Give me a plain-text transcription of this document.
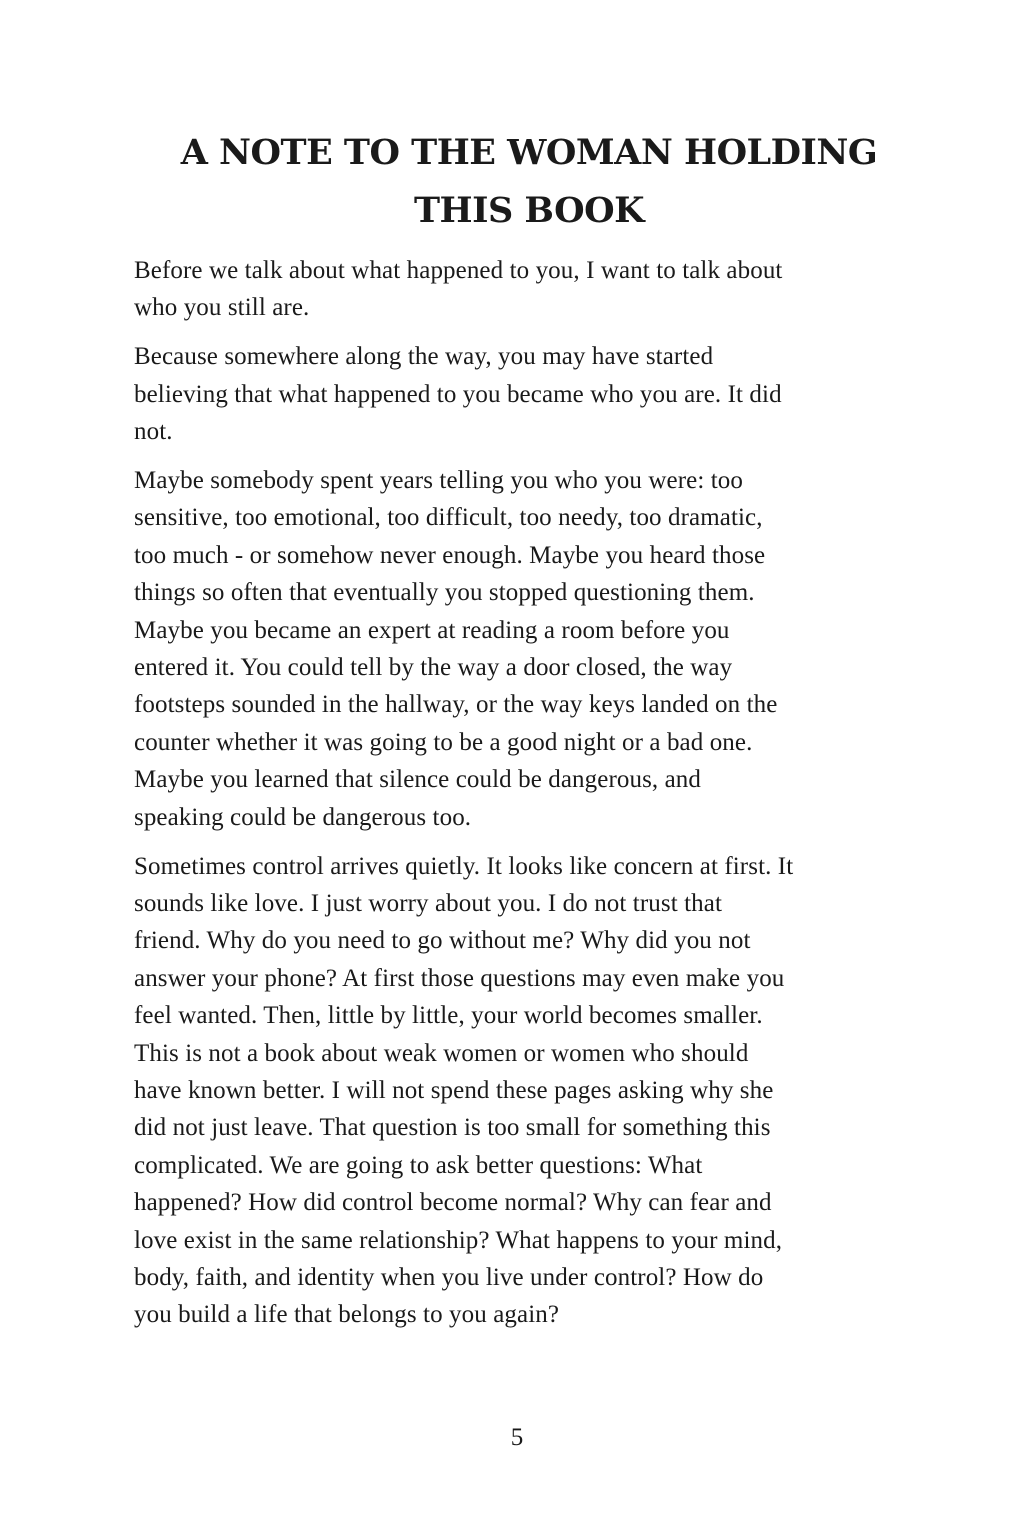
A NOTE TO THE WOMAN HOLDING
THIS BOOK

Before we talk about what happened to you, I want to talk about
who you still are.

Because somewhere along the way, you may have started
believing that what happened to you became who you are. It did
not.

Maybe somebody spent years telling you who you were: too
sensitive, too emotional, too difficult, too needy, too dramatic,
too much - or somehow never enough. Maybe you heard those
things so often that eventually you stopped questioning them.
Maybe you became an expert at reading a room before you
entered it. You could tell by the way a door closed, the way
footsteps sounded in the hallway, or the way keys landed on the
counter whether it was going to be a good night or a bad one.
Maybe you learned that silence could be dangerous, and
speaking could be dangerous too.

Sometimes control arrives quietly. It looks like concern at first. It
sounds like love. I just worry about you. I do not trust that
friend. Why do you need to go without me? Why did you not
answer your phone? At first those questions may even make you
feel wanted. Then, little by little, your world becomes smaller.
This is not a book about weak women or women who should
have known better. I will not spend these pages asking why she
did not just leave. That question is too small for something this
complicated. We are going to ask better questions: What
happened? How did control become normal? Why can fear and
love exist in the same relationship? What happens to your mind,
body, faith, and identity when you live under control? How do
you build a life that belongs to you again?

5
